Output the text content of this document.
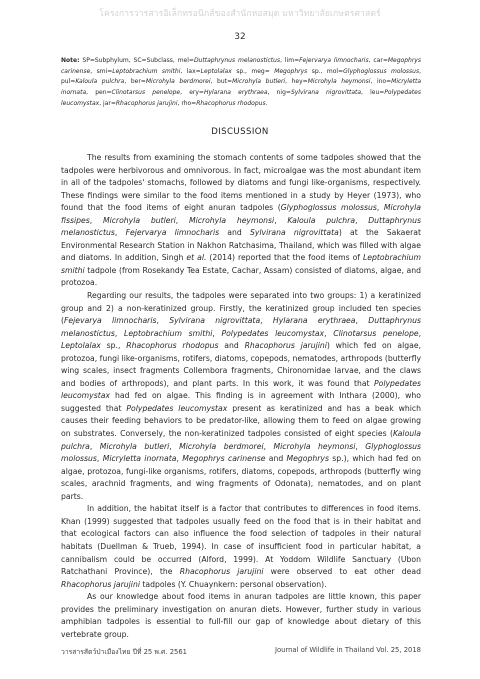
โครงการวารสารอิเล็กทรอนิกส์ของสำนักหอสมุด มหาวิทยาลัยเกษตรศาสตร์
32
Note: SP=Subphylum, SC=Subclass, mel=Duttaphrynus melanostictus, lim=Fejervarya limnocharis, car=Megophrys carinense, smi=Leptobrachium smithi, lax=Leptolalax sp., meg= Megophrys sp., mol=Glyphoglossus molossus, pul=Kaloula pulchra, ber=Microhyla berdmorei, but=Microhyla butleri, hey=Microhyla heymonsi, ino=Micryletta inornata, pen=Clinotarsus penelope, ery=Hylarana erythraea, nig=Sylvirana nigrovittata, leu=Polypedates leucomystax, jar=Rhacophorus jarujini, rho=Rhacophorus rhodopus.
DISCUSSION

The results from examining the stomach contents of some tadpoles showed that the tadpoles were herbivorous and omnivorous. In fact, microalgae was the most abundant item in all of the tadpoles' stomachs, followed by diatoms and fungi like-organisms, respectively. These findings were similar to the food items mentioned in a study by Heyer (1973), who found that the food items of eight anuran tadpoles (Glyphoglossus molossus, Microhyla fissipes, Microhyla butleri, Microhyla heymonsi, Kaloula pulchra, Duttaphrynus melanostictus, Fejervarya limnocharis and Sylvirana nigrovittata) at the Sakaerat Environmental Research Station in Nakhon Ratchasima, Thailand, which was filled with algae and diatoms. In addition, Singh et al. (2014) reported that the food items of Leptobrachium smithi tadpole (from Rosekandy Tea Estate, Cachar, Assam) consisted of diatoms, algae, and protozoa.

Regarding our results, the tadpoles were separated into two groups: 1) a keratinized group and 2) a non-keratinized group. Firstly, the keratinized group included ten species (Fejevarya limnocharis, Sylvirana nigrovittata, Hylarana erythraea, Duttaphrynus melanostictus, Leptobrachium smithi, Polypedates leucomystax, Clinotarsus penelope, Leptolalax sp., Rhacophorus rhodopus and Rhacophorus jarujini) which fed on algae, protozoa, fungi like-organisms, rotifers, diatoms, copepods, nematodes, arthropods (butterfly wing scales, insect fragments Collembora fragments, Chironomidae larvae, and the claws and bodies of arthropods), and plant parts. In this work, it was found that Polypedates leucomystax had fed on algae. This finding is in agreement with Inthara (2000), who suggested that Polypedates leucomystax present as keratinized and has a beak which causes their feeding behaviors to be predator-like, allowing them to feed on algae growing on substrates. Conversely, the non-keratinized tadpoles consisted of eight species (Kaloula pulchra, Microhyla butleri, Microhyla berdmorei, Microhyla heymonsi, Glyphoglossus molossus, Micryletta inornata, Megophrys carinense and Megophrys sp.), which had fed on algae, protozoa, fungi-like organisms, rotifers, diatoms, copepods, arthropods (butterfly wing scales, arachnid fragments, and wing fragments of Odonata), nematodes, and on plant parts.

In addition, the habitat itself is a factor that contributes to differences in food items. Khan (1999) suggested that tadpoles usually feed on the food that is in their habitat and that ecological factors can also influence the food selection of tadpoles in their natural habitats (Duellman & Trueb, 1994). In case of insufficient food in particular habitat, a cannibalism could be occurred (Alford, 1999). At Yoddom Wildlife Sanctuary (Ubon Ratchathani Province), the Rhacophorus jarujini were observed to eat other dead Rhacophorus jarujini tadpoles (Y. Chuaynkern: personal observation).

As our knowledge about food items in anuran tadpoles are little known, this paper provides the preliminary investigation on anuran diets. However, further study in various amphibian tadpoles is essential to full-fill our gap of knowledge about dietary of this vertebrate group.

วารสารสัตว์ป่าเมืองไทย ปีที่ 25 พ.ศ. 2561	Journal of Wildlife in Thailand Vol. 25, 2018
